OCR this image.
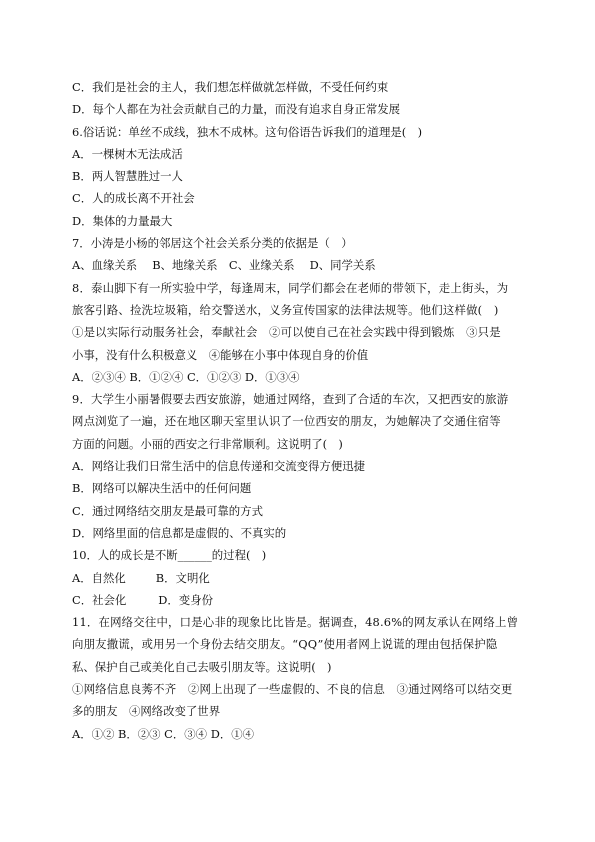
C．我们是社会的主人，我们想怎样做就怎样做，不受任何约束
D．每个人都在为社会贡献自己的力量，而没有追求自身正常发展
6.俗话说：单丝不成线，独木不成林。这句俗语告诉我们的道理是(　)
A．一棵树木无法成活
B．两人智慧胜过一人
C．人的成长离不开社会
D．集体的力量最大
7．小涛是小杨的邻居这个社会关系分类的依据是（　）
A、血缘关系　 B、地缘关系　C、业缘关系　 D、同学关系
8．泰山脚下有一所实验中学，每逢周末，同学们都会在老师的带领下，走上街头，为
旅客引路、捡洗垃圾箱，给交警送水，义务宣传国家的法律法规等。他们这样做(　)
①是以实际行动服务社会，奉献社会　②可以使自己在社会实践中得到锻炼　③只是
小事，没有什么积极意义　④能够在小事中体现自身的价值
A．②③④ B．①②④ C．①②③ D．①③④
9．大学生小丽暑假要去西安旅游，她通过网络，查到了合适的车次，又把西安的旅游
网点浏览了一遍，还在地区聊天室里认识了一位西安的朋友，为她解决了交通住宿等
方面的问题。小丽的西安之行非常顺利。这说明了(　)
A．网络让我们日常生活中的信息传递和交流变得方便迅捷
B．网络可以解决生活中的任何问题
C．通过网络结交朋友是最可靠的方式
D．网络里面的信息都是虚假的、不真实的
10．人的成长是不断______的过程(　)
A．自然化	B．文明化
C．社会化	D．变身份
11．在网络交往中，口是心非的现象比比皆是。据调查，48.6%的网友承认在网络上曾
向朋友撒谎，或用另一个身份去结交朋友。“QQ”使用者网上说谎的理由包括保护隐
私、保护自己或美化自己去吸引朋友等。这说明(　)
①网络信息良莠不齐　②网上出现了一些虚假的、不良的信息　③通过网络可以结交更
多的朋友　④网络改变了世界
A．①② B．②③ C．③④ D．①④
